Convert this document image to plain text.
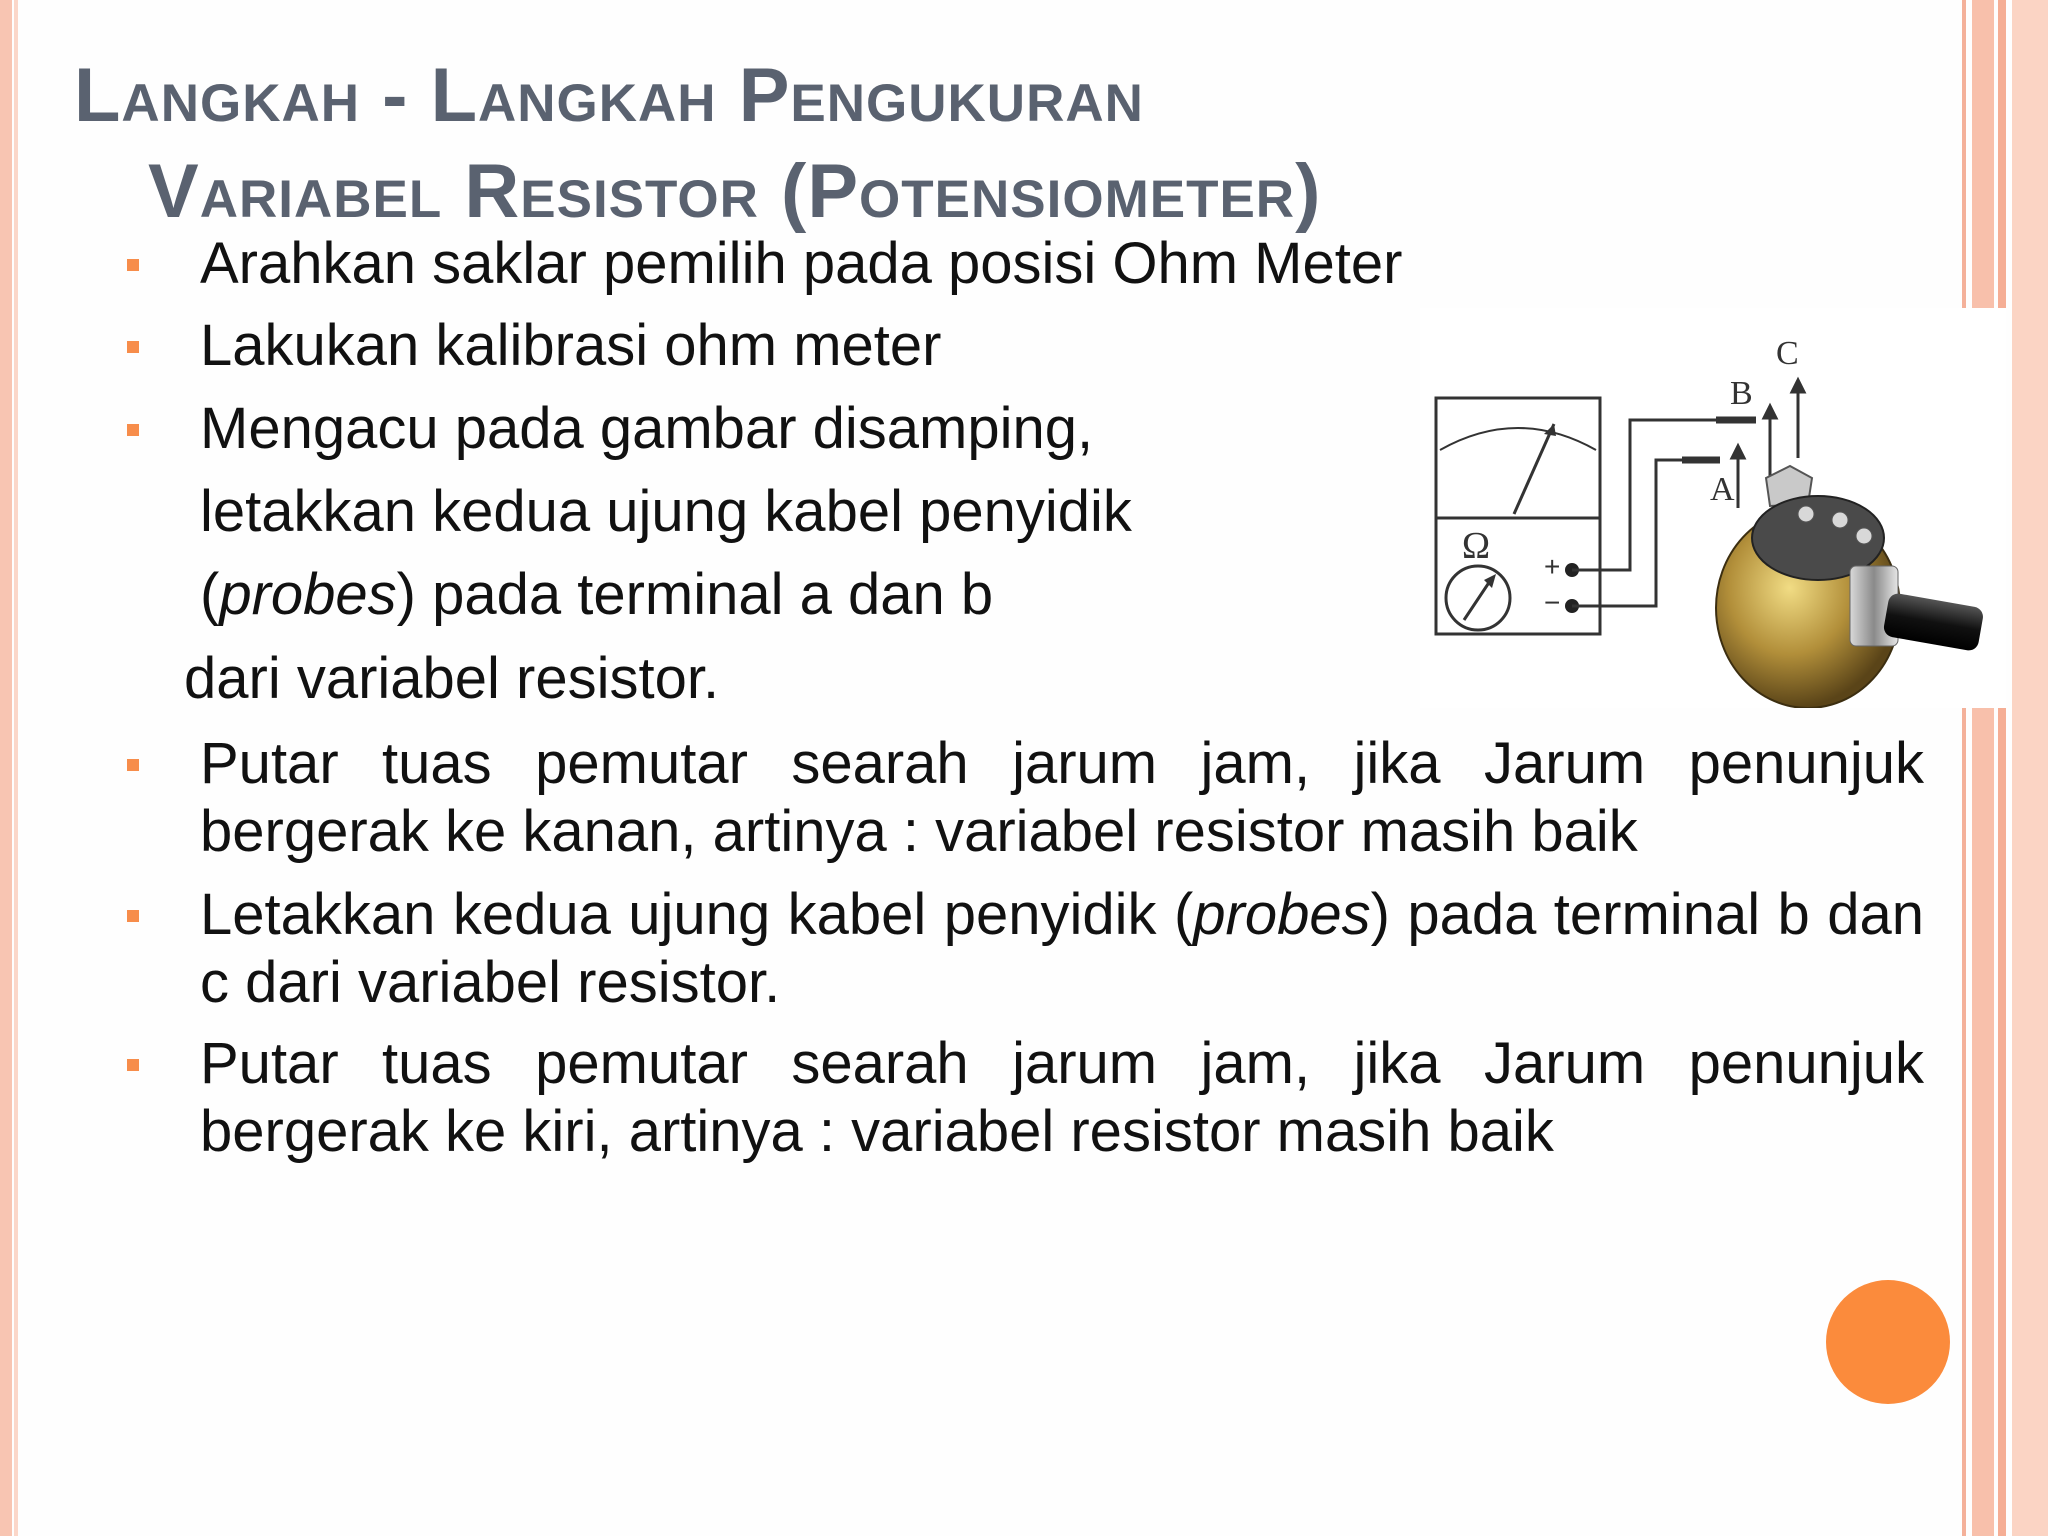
Langkah - Langkah Pengukuran
Variabel Resistor (Potensiometer)
Arahkan saklar pemilih pada posisi Ohm Meter
Lakukan kalibrasi ohm meter
Mengacu pada gambar disamping,
letakkan kedua ujung kabel penyidik
(probes) pada terminal a dan b
dari variabel resistor.
Putar tuas pemutar searah jarum jam, jika Jarum penunjuk bergerak ke kanan, artinya : variabel resistor masih baik
Letakkan kedua ujung kabel penyidik (probes) pada terminal b dan c dari variabel resistor.
Putar tuas pemutar searah jarum jam, jika Jarum penunjuk bergerak ke kiri, artinya : variabel resistor masih baik
Ω +
−
A
B
C
